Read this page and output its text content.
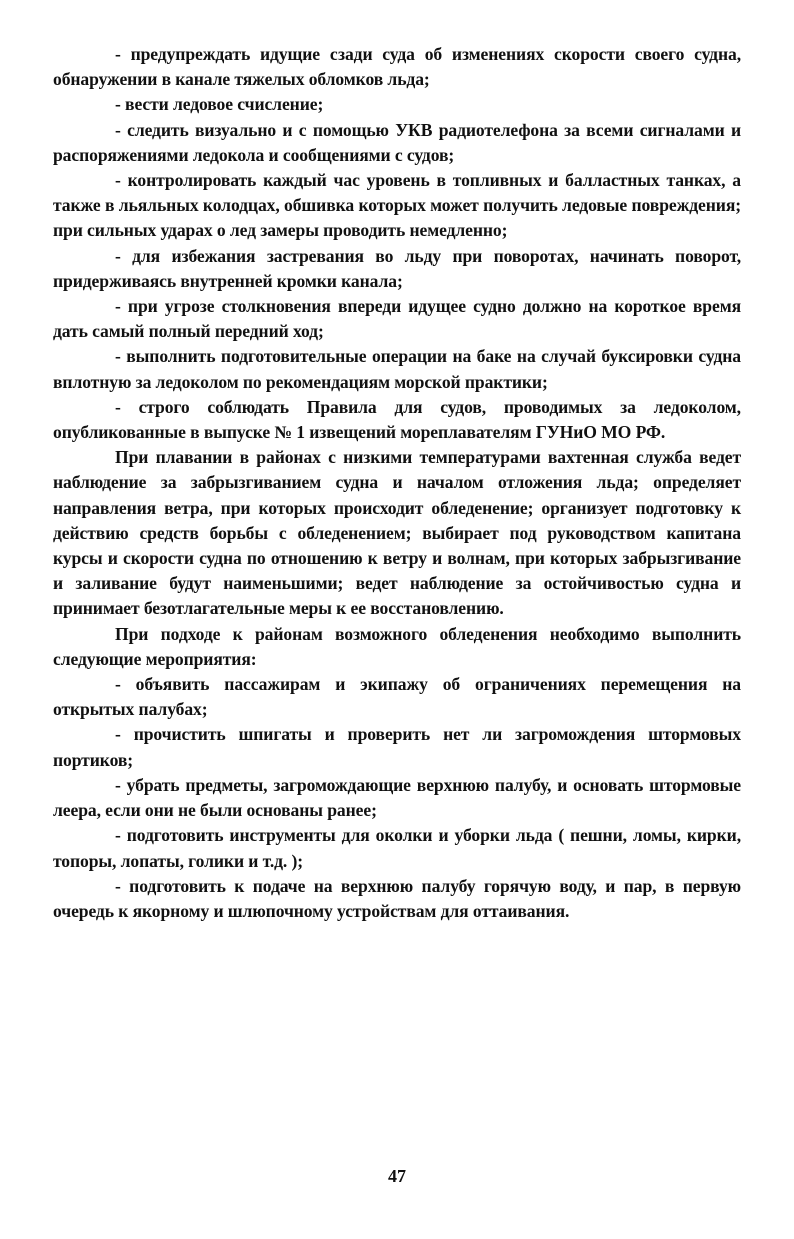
- предупреждать идущие сзади суда об изменениях скорости своего судна, обнаружении в канале тяжелых обломков льда;

- вести ледовое счисление;

- следить визуально и с помощью УКВ радиотелефона за всеми сигналами и распоряжениями ледокола и сообщениями с судов;

- контролировать каждый час уровень в топливных и балластных танках, а также в льяльных колодцах, обшивка которых может получить ледовые повреждения; при сильных ударах о лед замеры проводить немедленно;

- для избежания застревания во льду при поворотах, начинать поворот, придерживаясь внутренней кромки канала;

- при угрозе столкновения впереди идущее судно должно на короткое время дать самый полный передний ход;

- выполнить подготовительные операции на баке на случай буксировки судна вплотную за ледоколом по рекомендациям морской практики;

- строго соблюдать Правила для судов, проводимых за ледоколом, опубликованные в выпуске № 1 извещений мореплавателям ГУНиО МО РФ.

При плавании в районах с низкими температурами вахтенная служба ведет наблюдение за забрызгиванием судна и началом отложения льда; определяет направления ветра, при которых происходит обледенение; организует подготовку к действию средств борьбы с обледенением; выбирает под руководством капитана курсы и скорости судна по отношению к ветру и волнам, при которых забрызгивание и заливание будут наименьшими; ведет наблюдение за остойчивостью судна и принимает безотлагательные меры к ее восстановлению.

При подходе к районам возможного обледенения необходимо выполнить следующие мероприятия:

- объявить пассажирам и экипажу об ограничениях перемещения на открытых палубах;

- прочистить шпигаты и проверить нет ли загромождения штормовых портиков;

- убрать предметы, загромождающие верхнюю палубу, и основать штормовые леера, если они не были основаны ранее;

- подготовить инструменты для околки и уборки льда ( пешни, ломы, кирки, топоры, лопаты, голики и т.д. );

- подготовить к подаче на верхнюю палубу горячую воду, и пар, в первую очередь к якорному и шлюпочному устройствам для оттаивания.

47
